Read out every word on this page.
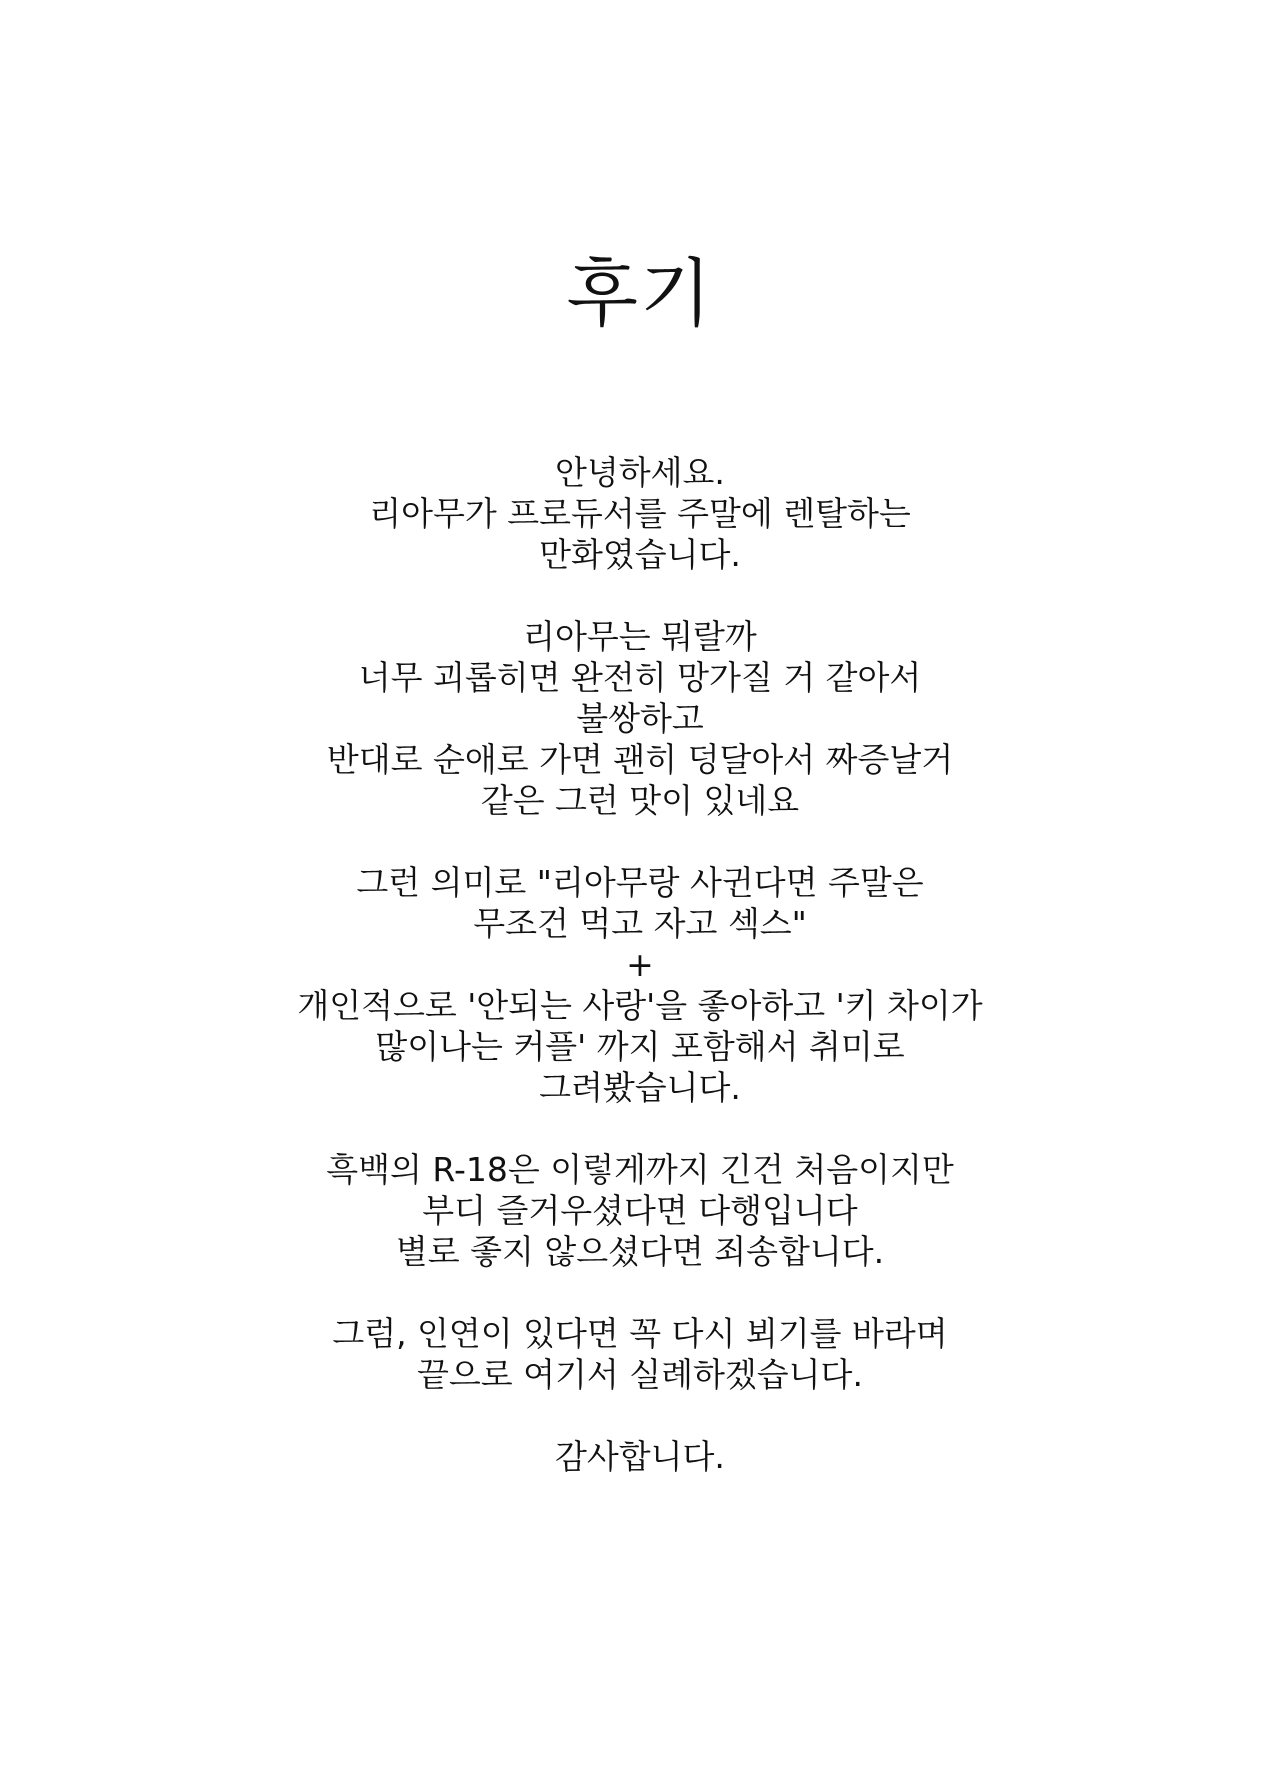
후기
안녕하세요.
리아무가 프로듀서를 주말에 렌탈하는
만화였습니다.
리아무는 뭐랄까
너무 괴롭히면 완전히 망가질 거 같아서
불쌍하고
반대로 순애로 가면 괜히 덩달아서 짜증날거
같은 그런 맛이 있네요
그런 의미로 "리아무랑 사귄다면 주말은
무조건 먹고 자고 섹스"
+
개인적으로 '안되는 사랑'을 좋아하고 '키 차이가
많이나는 커플' 까지 포함해서 취미로
그려봤습니다.
흑백의 R-18은 이렇게까지 긴건 처음이지만
부디 즐거우셨다면 다행입니다
별로 좋지 않으셨다면 죄송합니다.
그럼, 인연이 있다면 꼭 다시 뵈기를 바라며
끝으로 여기서 실례하겠습니다.
감사합니다.
